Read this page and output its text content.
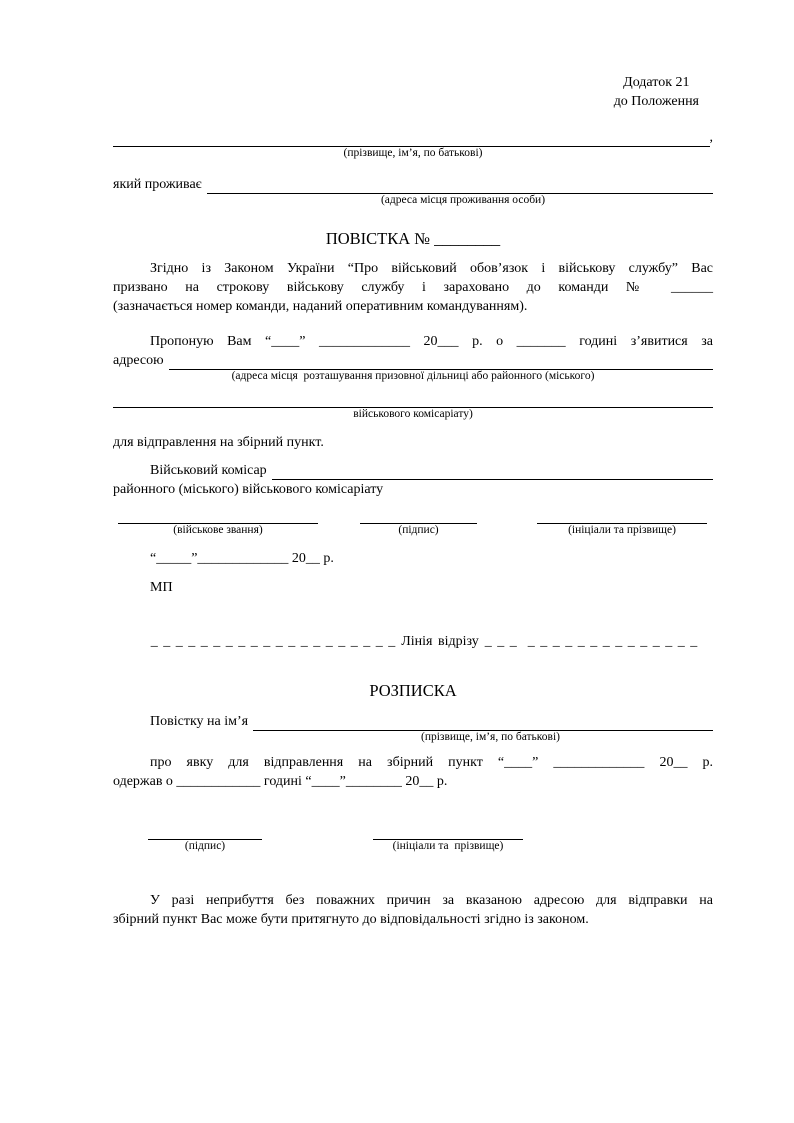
Додаток 21
до Положення
,
(прізвище, ім’я, по батькові)
який проживає
(адреса місця проживання особи)
ПОВІСТКА № ________
Згідно із Законом України “Про військовий обов’язок і військову службу” Вас
призвано на строкову військову службу і зараховано до команди № ______
(зазначається номер команди, наданий оперативним командуванням).
Пропоную Вам “____” _____________ 20___ р. о _______ годині з’явитися за
адресою
(адреса місця  розташування призовної дільниці або районного (міського)
військового комісаріату)
для відправлення на збірний пункт.
Військовий комісар
районного (міського) військового комісаріату
(військове звання)	(підпис)	(ініціали та прізвище)
“_____”_____________ 20__ р.
МП

_ _ _ _ _ _ _ _ _ _ _ _ _ _ _ _ _ _ _ _ Лінія відрізу _ _ _  _ _ _ _ _ _ _ _ _ _ _ _ _ _

РОЗПИСКА
Повістку на ім’я
(прізвище, ім’я, по батькові)
про явку для відправлення на збірний пункт “____” _____________ 20__ р.
одержав о ____________ годині “____”________ 20__ р.
(підпис)	(ініціали та  прізвище)
У разі неприбуття без поважних причин за вказаною адресою для відправки на
збірний пункт Вас може бути притягнуто до відповідальності згідно із законом.
